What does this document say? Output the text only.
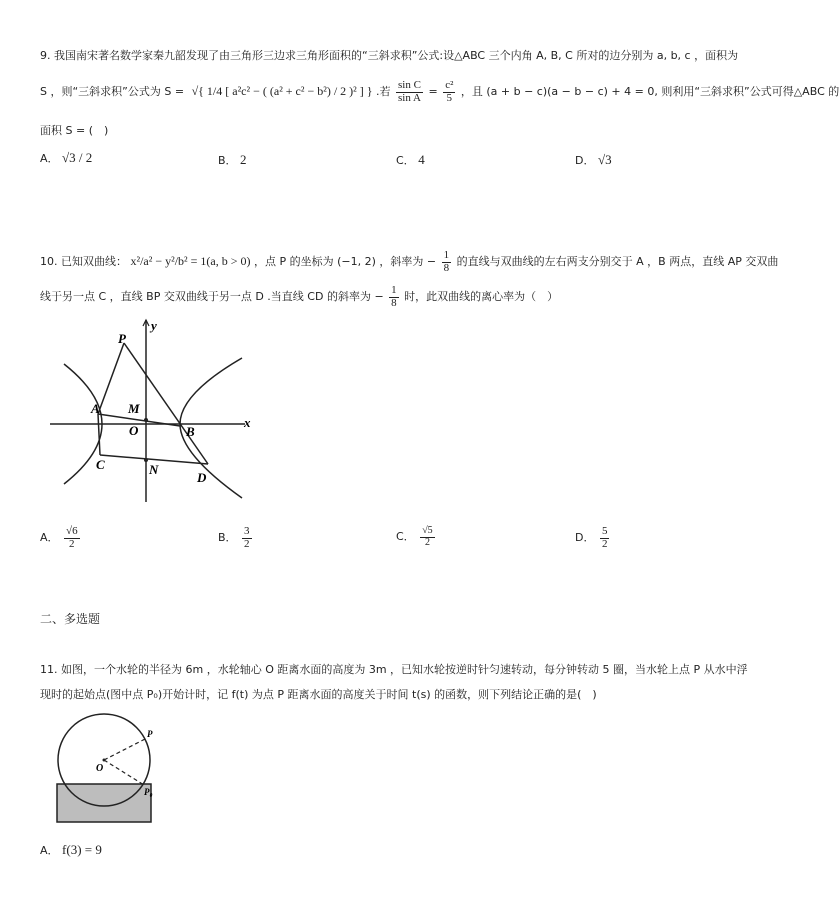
9. 我国南宋著名数学家秦九韶发现了由三角形三边求三角形面积的“三斜求积”公式:设△ABC 三个内角 A, B, C 所对的边分别为 a, b, c ，面积为
S ，则“三斜求积”公式为 S = √{ 1/4 [ a²c² − ( (a² + c² − b²) / 2 )² ] } .若 $\frac{\text{sin C}}{\text{sin A}} = \frac{\text{c²}}{5}$ ，且 (a + b − c)(a − b − c) + 4 = 0, 则利用“三斜求积”公式可得△ABC 的
面积 S = (　)
A． √3 / 2	B． 2	C． 4	D． √3
10. 已知双曲线： x²/a² − y²/b² = 1(a, b > 0) ，点 P 的坐标为 (−1, 2) ，斜率为 − $\frac{1}{8}$ 的直线与双曲线的左右两支分别交于 A ，B 两点，直线 AP 交双曲
线于另一点 C ，直线 BP 交双曲线于另一点 D .当直线 CD 的斜率为 − $\frac{1}{8}$ 时，此双曲线的离心率为（　）
P
y
A M
O	B
x
C	N
D
A． $\frac{√6}{2}$	B． $\frac{3}{2}$	C． $\frac{√5}{2}$	D． $\frac{5}{2}$
二、多选题
11. 如图，一个水轮的半径为 6m ，水轮轴心 O 距离水面的高度为 3m ，已知水轮按逆时针匀速转动，每分钟转动 5 圈，当水轮上点 P 从水中浮
现时的起始点(图中点 P₀)开始计时，记 f(t) 为点 P 距离水面的高度关于时间 t(s) 的函数，则下列结论正确的是(　)
O
P
P₀
A． f(3) = 9
